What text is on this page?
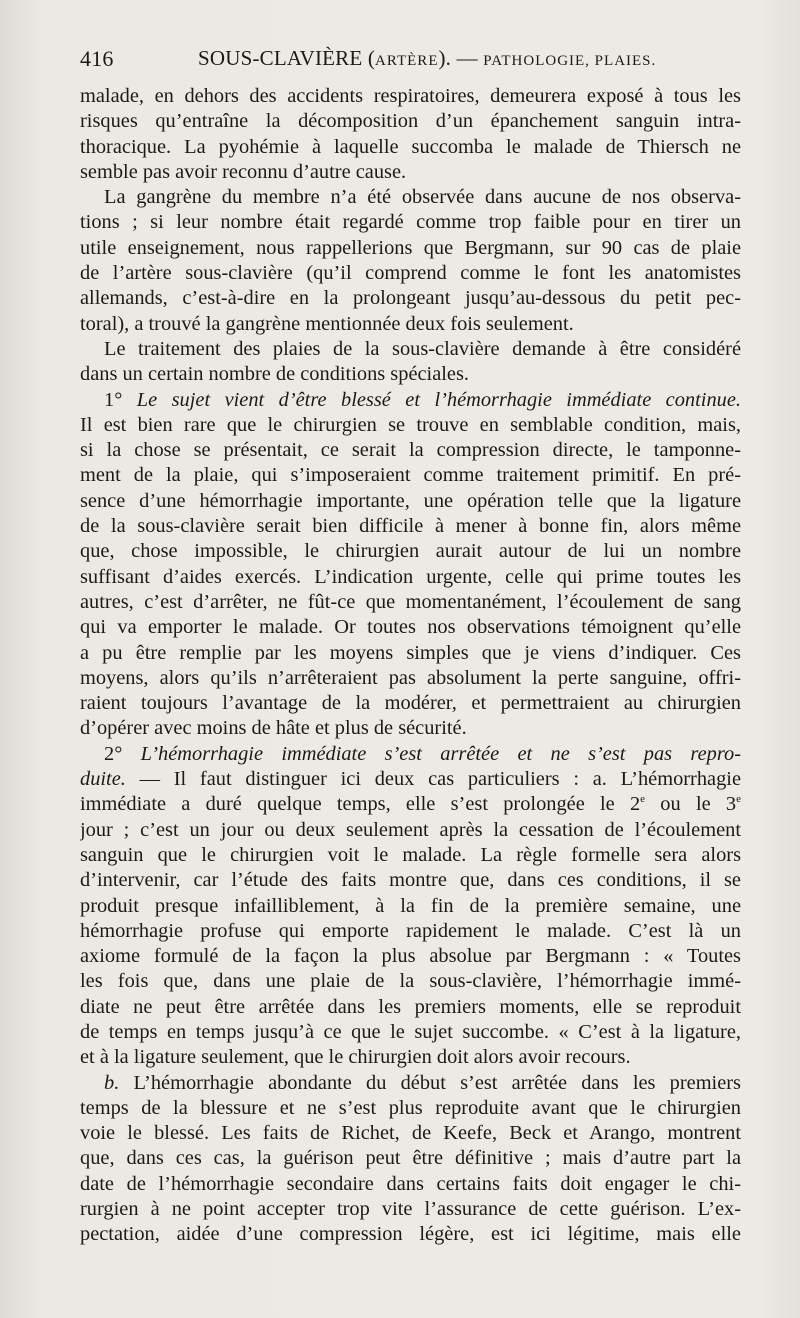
416	SOUS-CLAVIÈRE (ARTÈRE). — PATHOLOGIE, PLAIES.
malade, en dehors des accidents respiratoires, demeurera exposé à tous les
risques qu’entraîne la décomposition d’un épanchement sanguin intra-
thoracique. La pyohémie à laquelle succomba le malade de Thiersch ne
semble pas avoir reconnu d’autre cause.
La gangrène du membre n’a été observée dans aucune de nos observa-
tions ; si leur nombre était regardé comme trop faible pour en tirer un
utile enseignement, nous rappellerions que Bergmann, sur 90 cas de plaie
de l’artère sous-clavière (qu’il comprend comme le font les anatomistes
allemands, c’est-à-dire en la prolongeant jusqu’au-dessous du petit pec-
toral), a trouvé la gangrène mentionnée deux fois seulement.
Le traitement des plaies de la sous-clavière demande à être considéré
dans un certain nombre de conditions spéciales.
1° Le sujet vient d’être blessé et l’hémorrhagie immédiate continue.
Il est bien rare que le chirurgien se trouve en semblable condition, mais,
si la chose se présentait, ce serait la compression directe, le tamponne-
ment de la plaie, qui s’imposeraient comme traitement primitif. En pré-
sence d’une hémorrhagie importante, une opération telle que la ligature
de la sous-clavière serait bien difficile à mener à bonne fin, alors même
que, chose impossible, le chirurgien aurait autour de lui un nombre
suffisant d’aides exercés. L’indication urgente, celle qui prime toutes les
autres, c’est d’arrêter, ne fût-ce que momentanément, l’écoulement de sang
qui va emporter le malade. Or toutes nos observations témoignent qu’elle
a pu être remplie par les moyens simples que je viens d’indiquer. Ces
moyens, alors qu’ils n’arrêteraient pas absolument la perte sanguine, offri-
raient toujours l’avantage de la modérer, et permettraient au chirurgien
d’opérer avec moins de hâte et plus de sécurité.
2° L’hémorrhagie immédiate s’est arrêtée et ne s’est pas repro-
duite. — Il faut distinguer ici deux cas particuliers : a. L’hémorrhagie
immédiate a duré quelque temps, elle s’est prolongée le 2e ou le 3e
jour ; c’est un jour ou deux seulement après la cessation de l’écoulement
sanguin que le chirurgien voit le malade. La règle formelle sera alors
d’intervenir, car l’étude des faits montre que, dans ces conditions, il se
produit presque infailliblement, à la fin de la première semaine, une
hémorrhagie profuse qui emporte rapidement le malade. C’est là un
axiome formulé de la façon la plus absolue par Bergmann : « Toutes
les fois que, dans une plaie de la sous-clavière, l’hémorrhagie immé-
diate ne peut être arrêtée dans les premiers moments, elle se reproduit
de temps en temps jusqu’à ce que le sujet succombe. « C’est à la ligature,
et à la ligature seulement, que le chirurgien doit alors avoir recours.
b. L’hémorrhagie abondante du début s’est arrêtée dans les premiers
temps de la blessure et ne s’est plus reproduite avant que le chirurgien
voie le blessé. Les faits de Richet, de Keefe, Beck et Arango, montrent
que, dans ces cas, la guérison peut être définitive ; mais d’autre part la
date de l’hémorrhagie secondaire dans certains faits doit engager le chi-
rurgien à ne point accepter trop vite l’assurance de cette guérison. L’ex-
pectation, aidée d’une compression légère, est ici légitime, mais elle
